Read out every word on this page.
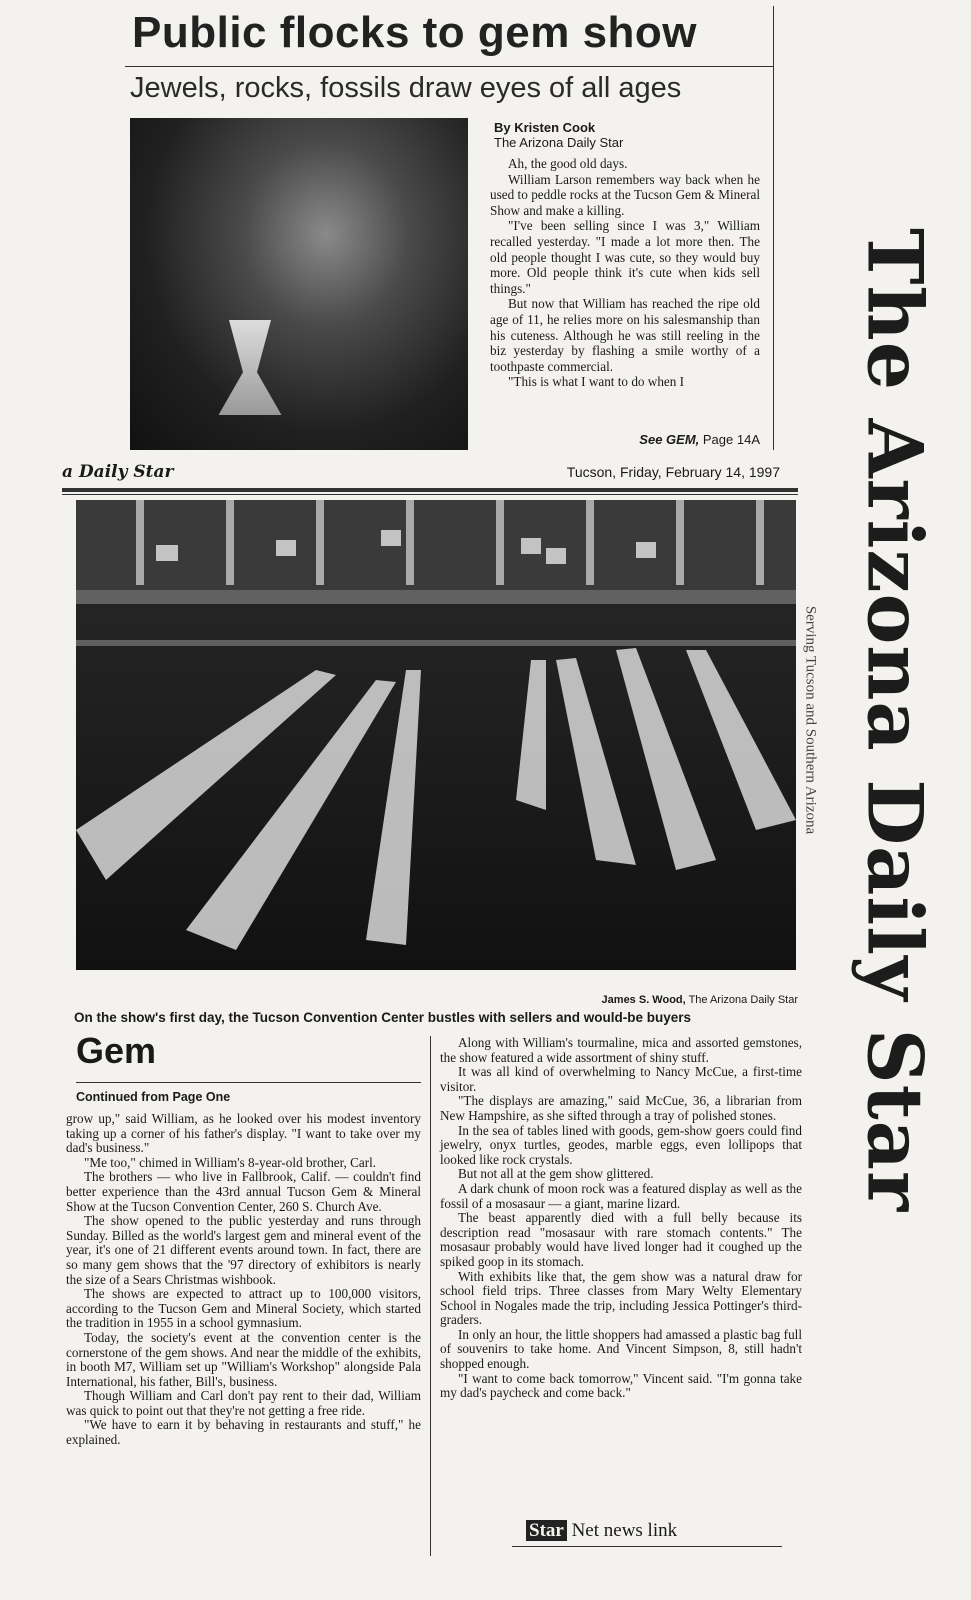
Public flocks to gem show
Jewels, rocks, fossils draw eyes of all ages
By Kristen Cook
The Arizona Daily Star

Ah, the good old days.

William Larson remembers way back when he used to peddle rocks at the Tucson Gem & Mineral Show and make a killing.

"I've been selling since I was 3," William recalled yesterday. "I made a lot more then. The old people thought I was cute, so they would buy more. Old people think it's cute when kids sell things."

But now that William has reached the ripe old age of 11, he relies more on his salesmanship than his cuteness. Although he was still reeling in the biz yesterday by flashing a smile worthy of a toothpaste commercial.

"This is what I want to do when I

See GEM, Page 14A
a Daily Star	Tucson, Friday, February 14, 1997
James S. Wood, The Arizona Daily Star
On the show's first day, the Tucson Convention Center bustles with sellers and would-be buyers
Gem
Continued from Page One

grow up," said William, as he looked over his modest inventory taking up a corner of his father's display. "I want to take over my dad's business."

"Me too," chimed in William's 8-year-old brother, Carl.

The brothers — who live in Fallbrook, Calif. — couldn't find better experience than the 43rd annual Tucson Gem & Mineral Show at the Tucson Convention Center, 260 S. Church Ave.

The show opened to the public yesterday and runs through Sunday. Billed as the world's largest gem and mineral event of the year, it's one of 21 different events around town. In fact, there are so many gem shows that the '97 directory of exhibitors is nearly the size of a Sears Christmas wishbook.

The shows are expected to attract up to 100,000 visitors, according to the Tucson Gem and Mineral Society, which started the tradition in 1955 in a school gymnasium.

Today, the society's event at the convention center is the cornerstone of the gem shows. And near the middle of the exhibits, in booth M7, William set up "William's Workshop" alongside Pala International, his father, Bill's, business.

Though William and Carl don't pay rent to their dad, William was quick to point out that they're not getting a free ride.

"We have to earn it by behaving in restaurants and stuff," he explained.

Along with William's tourmaline, mica and assorted gemstones, the show featured a wide assortment of shiny stuff.

It was all kind of overwhelming to Nancy McCue, a first-time visitor.

"The displays are amazing," said McCue, 36, a librarian from New Hampshire, as she sifted through a tray of polished stones.

In the sea of tables lined with goods, gem-show goers could find jewelry, onyx turtles, geodes, marble eggs, even lollipops that looked like rock crystals.

But not all at the gem show glittered.

A dark chunk of moon rock was a featured display as well as the fossil of a mosasaur — a giant, marine lizard.

The beast apparently died with a full belly because its description read "mosasaur with rare stomach contents." The mosasaur probably would have lived longer had it coughed up the spiked goop in its stomach.

With exhibits like that, the gem show was a natural draw for school field trips. Three classes from Mary Welty Elementary School in Nogales made the trip, including Jessica Pottinger's third-graders.

In only an hour, the little shoppers had amassed a plastic bag full of souvenirs to take home. And Vincent Simpson, 8, still hadn't shopped enough.

"I want to come back tomorrow," Vincent said. "I'm gonna take my dad's paycheck and come back."

Star Net news link
Serving Tucson and Southern Arizona The Arizona Daily Star
